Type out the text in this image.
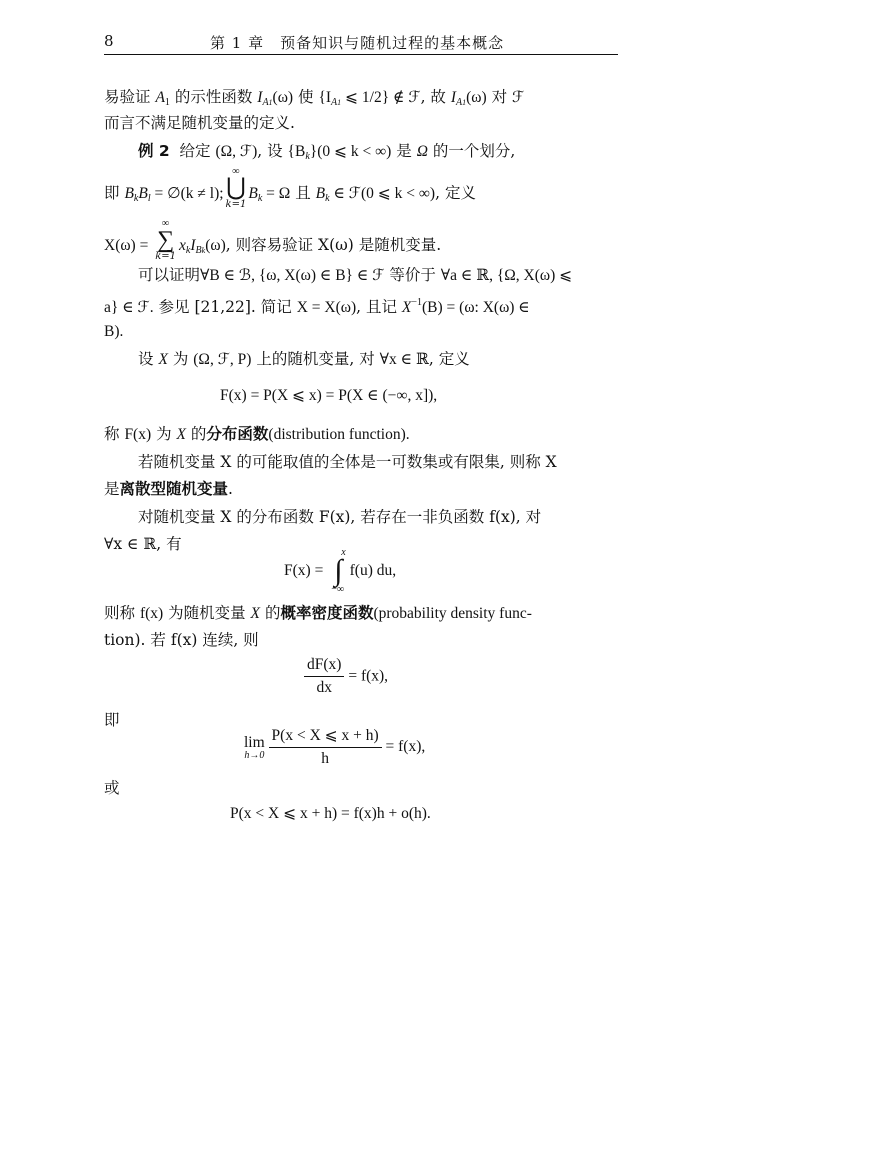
8	第 1 章　预备知识与随机过程的基本概念
易验证 $A_1$ 的示性函数 $I_{A1}(\omega)$ 使 {$I_{A1}$ ⩽ 1/2} ∉ ℱ, 故 $I_{A1}(\omega)$ 对 ℱ
而言不满足随机变量的定义.
例 2 给定 (Ω, ℱ), 设 $\{B_k\}(0$ ⩽ k < ∞) 是 Ω 的一个划分,
即 $B_kB_l$ = ∅(k ≠ l);
∞
⋃
k=1
$B_k = \Omega$ 且 $B_k$ ∈ ℱ(0 ⩽ k < ∞), 定义
X(ω) =
∞
∑
k=1
$x_kI_{Bk}(\omega)$, 则容易验证 X(ω) 是随机变量.
可以证明∀B ∈ ℬ, {ω, X(ω) ∈ B} ∈ ℱ 等价于 ∀a ∈ ℝ, {Ω, X(ω) ⩽
a} ∈ ℱ. 参见 [21,22]. 简记 X = X(ω), 且记 $X^{-1}(B) = (\omega$: X(ω) ∈
B).
设 X 为 (Ω, ℱ, P) 上的随机变量, 对 ∀x ∈ ℝ, 定义
F(x) = P(X ⩽ x) = P(X ∈ (−∞, x]),
称 F(x) 为 X 的分布函数(distribution function).
若随机变量 X 的可能取值的全体是一可数集或有限集, 则称 X
是离散型随机变量.
对随机变量 X 的分布函数 F(x), 若存在一非负函数 f(x), 对
∀x ∈ ℝ, 有
F(x) =
x
∫
−∞
f(u) du,
则称 f(x) 为随机变量 X 的概率密度函数(probability density func-
tion). 若 f(x) 连续, 则
$\frac{dF(x)}{dx} = f(x)$,
即
lim
h→0
$\frac{P(x < X ⩽ x + h)}{h} = f(x)$,
或
P(x < X ⩽ x + h) = f(x)h + o(h).
